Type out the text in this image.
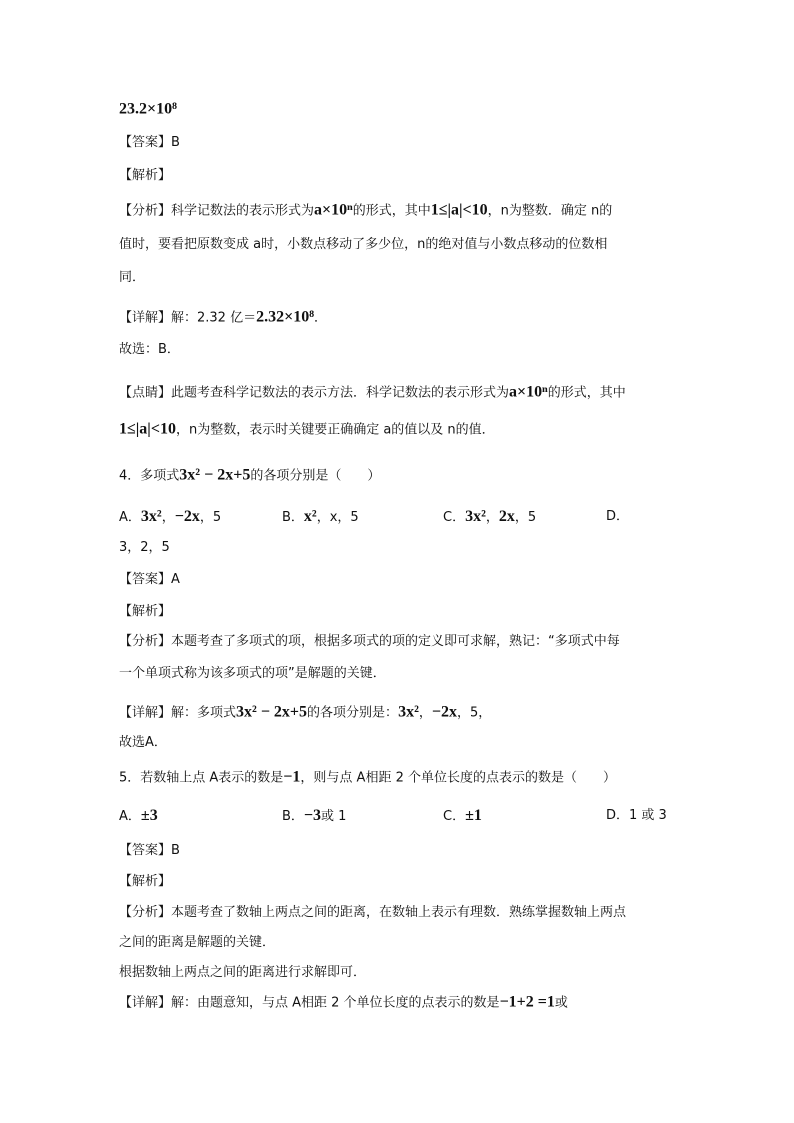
23.2×10⁸
【答案】B
【解析】
【分析】科学记数法的表示形式为a×10ⁿ的形式，其中1≤|a|<10，n为整数．确定 n的
值时，要看把原数变成 a时，小数点移动了多少位，n的绝对值与小数点移动的位数相
同．
【详解】解：2.32 亿＝2.32×10⁸．
故选：B．
【点睛】此题考查科学记数法的表示方法．科学记数法的表示形式为a×10ⁿ的形式，其中
1≤|a|<10，n为整数，表示时关键要正确确定 a的值以及 n的值．
4．多项式3x² − 2x+5的各项分别是（　　）
A．3x²，−2x，5	B．x²，x，5	C．3x²，2x，5	D．
3，2，5
【答案】A
【解析】
【分析】本题考查了多项式的项，根据多项式的项的定义即可求解，熟记：“多项式中每
一个单项式称为该多项式的项”是解题的关键．
【详解】解：多项式3x² − 2x+5的各项分别是：3x²，−2x，5，
故选A．
5．若数轴上点 A表示的数是−1，则与点 A相距 2 个单位长度的点表示的数是（　　）
A．±3	B．−3或 1	C．±1	D．1 或 3
【答案】B
【解析】
【分析】本题考查了数轴上两点之间的距离，在数轴上表示有理数．熟练掌握数轴上两点
之间的距离是解题的关键．
根据数轴上两点之间的距离进行求解即可．
【详解】解：由题意知，与点 A相距 2 个单位长度的点表示的数是−1+2 =1或
